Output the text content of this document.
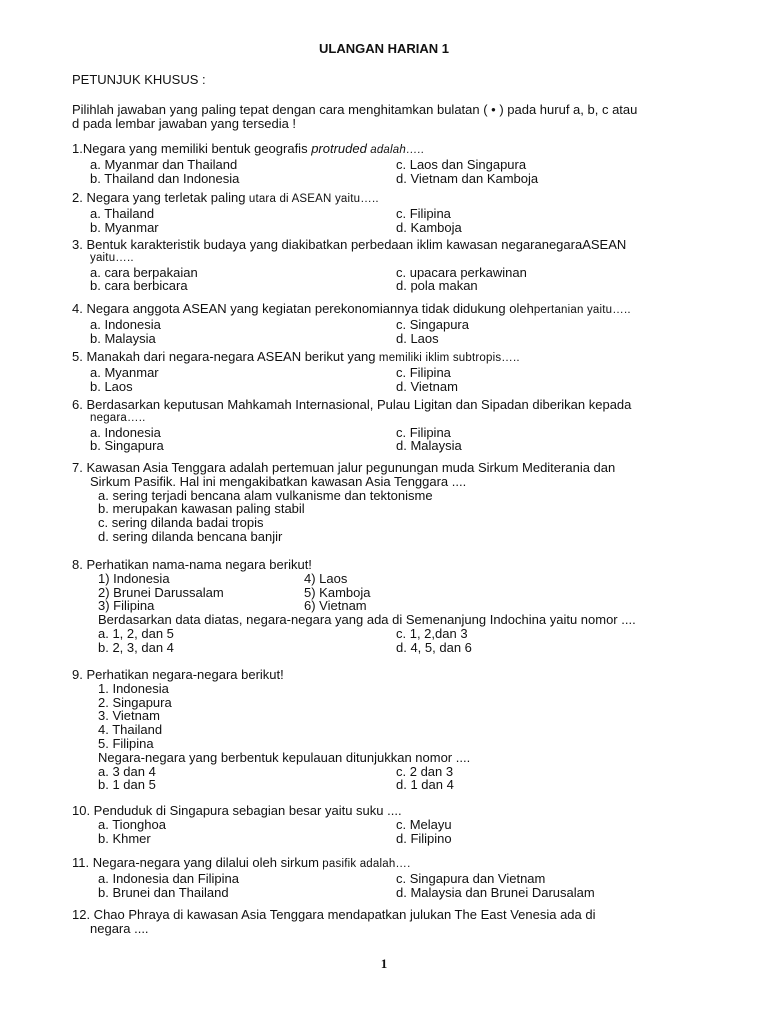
ULANGAN HARIAN 1
PETUNJUK KHUSUS :
Pilihlah jawaban yang paling tepat dengan cara menghitamkan bulatan ( • ) pada huruf a, b, c atau
d pada lembar jawaban yang tersedia !
1.Negara yang memiliki bentuk geografis protruded adalah…..
a. Myanmar dan Thailand	c. Laos dan Singapura
b. Thailand dan Indonesia	d. Vietnam dan Kamboja
2. Negara yang terletak paling utara di ASEAN yaitu…..
a. Thailand	c. Filipina
b. Myanmar	d. Kamboja
3. Bentuk karakteristik budaya yang diakibatkan perbedaan iklim kawasan negaranegaraASEAN
yaitu…..
a. cara berpakaian	c. upacara perkawinan
b. cara berbicara	d. pola makan
4. Negara anggota ASEAN yang kegiatan perekonomiannya tidak didukung olehpertanian yaitu…..
a. Indonesia	c. Singapura
b. Malaysia	d. Laos
5. Manakah dari negara-negara ASEAN berikut yang memiliki iklim subtropis…..
a. Myanmar	c. Filipina
b. Laos	d. Vietnam
6. Berdasarkan keputusan Mahkamah Internasional, Pulau Ligitan dan Sipadan diberikan kepada
negara…..
a. Indonesia	c. Filipina
b. Singapura	d. Malaysia
7. Kawasan Asia Tenggara adalah pertemuan jalur pegunungan muda Sirkum Mediterania dan
Sirkum Pasifik. Hal ini mengakibatkan kawasan Asia Tenggara ....
a. sering terjadi bencana alam vulkanisme dan tektonisme
b. merupakan kawasan paling stabil
c. sering dilanda badai tropis
d. sering dilanda bencana banjir
8. Perhatikan nama-nama negara berikut!
1) Indonesia	4) Laos
2) Brunei Darussalam	5) Kamboja
3) Filipina	6) Vietnam
Berdasarkan data diatas, negara-negara yang ada di Semenanjung Indochina yaitu nomor ....
a. 1, 2, dan 5	c. 1, 2,dan 3
b. 2, 3, dan 4	d. 4, 5, dan 6
9. Perhatikan negara-negara berikut!
1. Indonesia
2. Singapura
3. Vietnam
4. Thailand
5. Filipina
Negara-negara yang berbentuk kepulauan ditunjukkan nomor ....
a. 3 dan 4	c. 2 dan 3
b. 1 dan 5	d. 1 dan 4
10. Penduduk di Singapura sebagian besar yaitu suku ....
a. Tionghoa	c. Melayu
b. Khmer	d. Filipino
11. Negara-negara yang dilalui oleh sirkum pasifik adalah….
a. Indonesia dan Filipina	c. Singapura dan Vietnam
b. Brunei dan Thailand	d. Malaysia dan Brunei Darusalam
12. Chao Phraya di kawasan Asia Tenggara mendapatkan julukan The East Venesia ada di
negara ....
1
